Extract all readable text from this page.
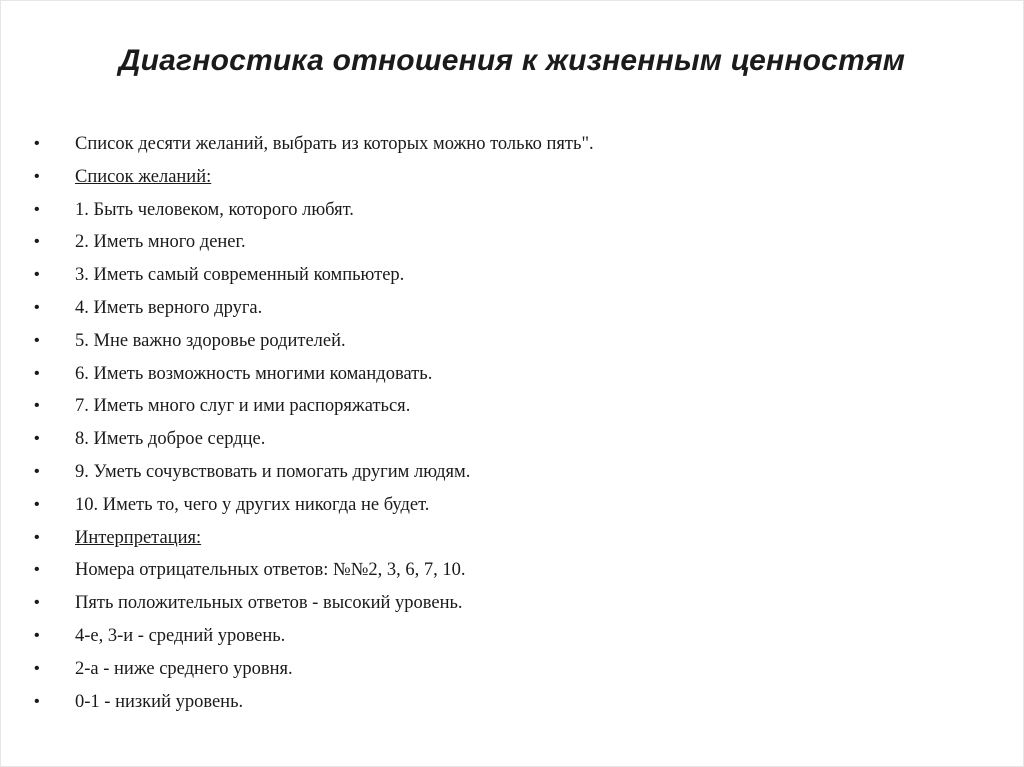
Диагностика отношения к жизненным ценностям
•	Список десяти желаний, выбрать из которых можно только пять".
•	Список желаний:
•	1. Быть человеком, которого любят.
•	2. Иметь много денег.
•	3. Иметь самый современный компьютер.
•	4. Иметь верного друга.
•	5. Мне важно здоровье родителей.
•	6. Иметь возможность многими командовать.
•	7. Иметь много слуг и ими распоряжаться.
•	8. Иметь доброе сердце.
•	9. Уметь сочувствовать и помогать другим людям.
•	10. Иметь то, чего у других никогда не будет.
•	Интерпретация:
•	Номера отрицательных ответов: №№2, 3, 6, 7, 10.
•	Пять положительных ответов - высокий уровень.
•	4-е, 3-и - средний уровень.
•	2-а - ниже среднего уровня.
•	0-1 - низкий уровень.
